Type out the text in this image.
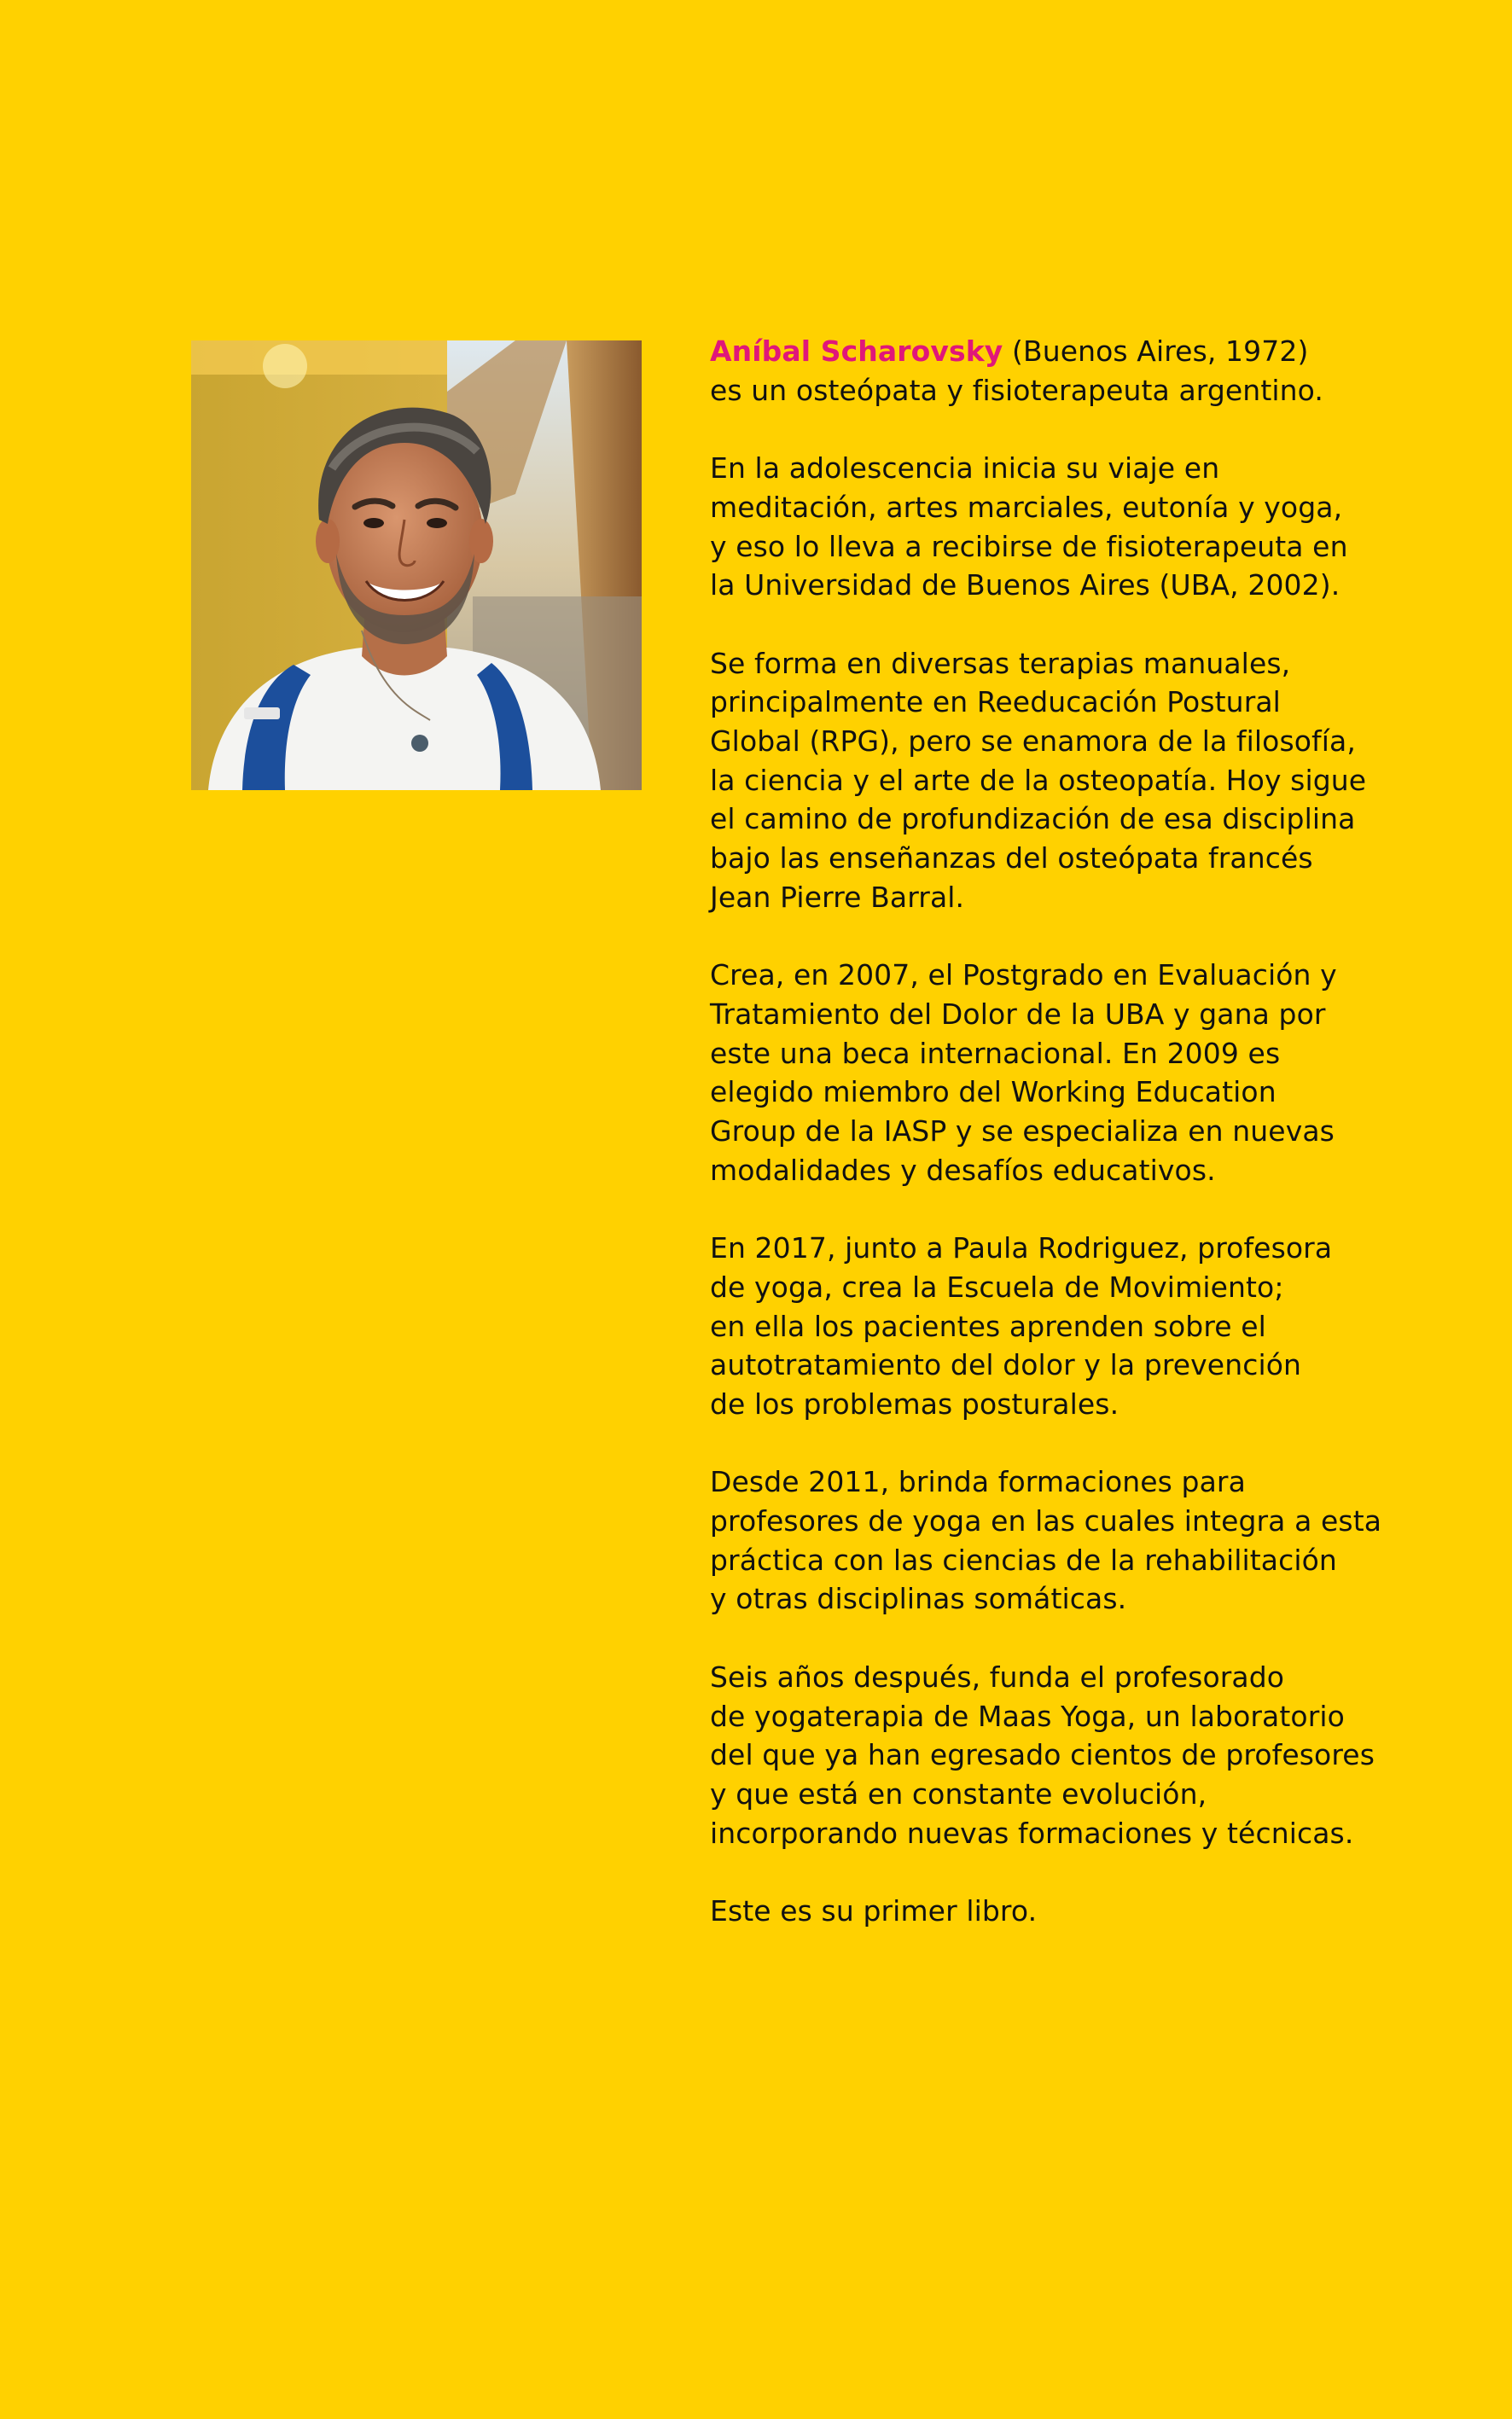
Aníbal Scharovsky (Buenos Aires, 1972)
es un osteópata y fisioterapeuta argentino.

En la adolescencia inicia su viaje en
meditación, artes marciales, eutonía y yoga,
y eso lo lleva a recibirse de fisioterapeuta en
la Universidad de Buenos Aires (UBA, 2002).

Se forma en diversas terapias manuales,
principalmente en Reeducación Postural
Global (RPG), pero se enamora de la filosofía,
la ciencia y el arte de la osteopatía. Hoy sigue
el camino de profundización de esa disciplina
bajo las enseñanzas del osteópata francés
Jean Pierre Barral.

Crea, en 2007, el Postgrado en Evaluación y
Tratamiento del Dolor de la UBA y gana por
este una beca internacional. En 2009 es
elegido miembro del Working Education
Group de la IASP y se especializa en nuevas
modalidades y desafíos educativos.

En 2017, junto a Paula Rodriguez, profesora
de yoga, crea la Escuela de Movimiento;
en ella los pacientes aprenden sobre el
autotratamiento del dolor y la prevención
de los problemas posturales.

Desde 2011, brinda formaciones para
profesores de yoga en las cuales integra a esta
práctica con las ciencias de la rehabilitación
y otras disciplinas somáticas.

Seis años después, funda el profesorado
de yogaterapia de Maas Yoga, un laboratorio
del que ya han egresado cientos de profesores
y que está en constante evolución,
incorporando nuevas formaciones y técnicas.

Este es su primer libro.
